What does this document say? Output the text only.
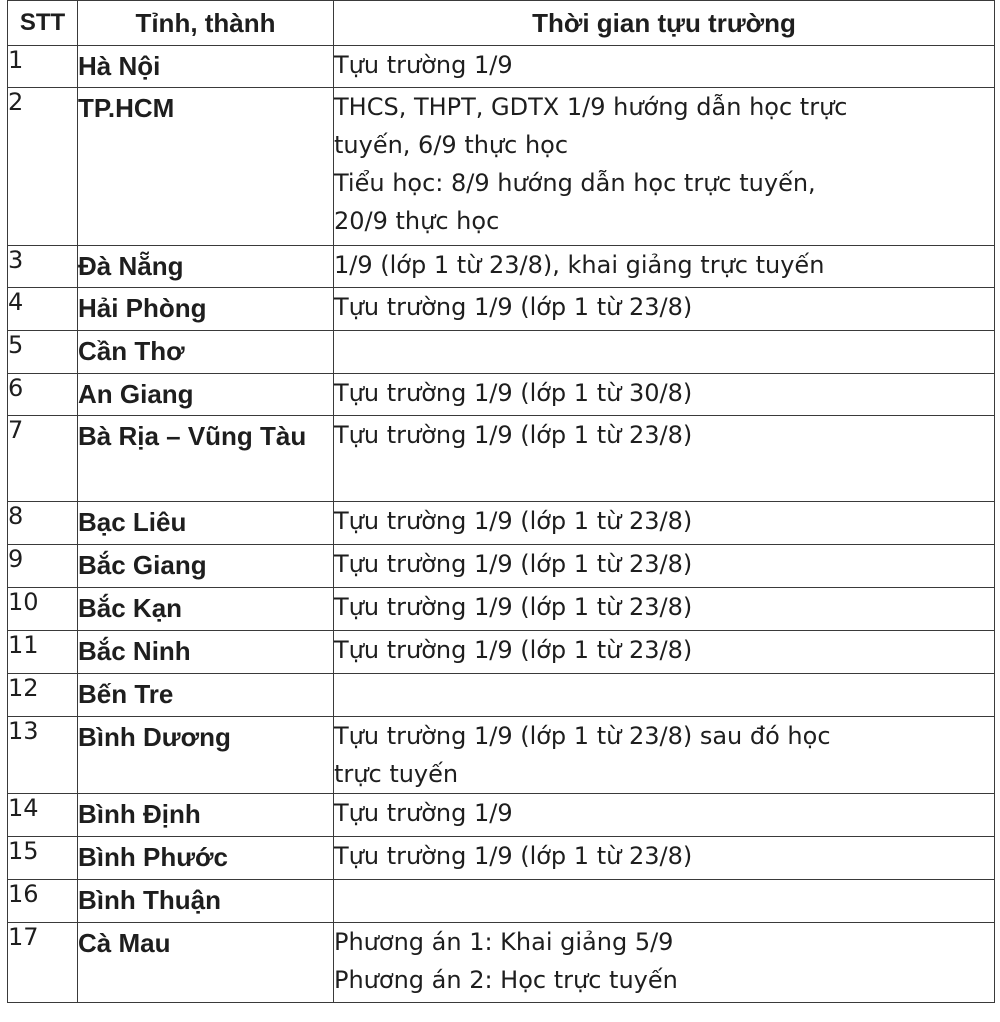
STT	Tỉnh, thành	Thời gian tựu trường
1	Hà Nội	Tựu trường 1/9

2	TP.HCM	THCS, THPT, GDTX 1/9 hướng dẫn học trực
tuyến, 6/9 thực học
Tiểu học: 8/9 hướng dẫn học trực tuyến,
20/9 thực học

3	Đà Nẵng	1/9 (lớp 1 từ 23/8), khai giảng trực tuyến

4	Hải Phòng	Tựu trường 1/9 (lớp 1 từ 23/8)

5	Cần Thơ	
6	An Giang	Tựu trường 1/9 (lớp 1 từ 30/8)

7	Bà Rịa – Vũng Tàu	Tựu trường 1/9 (lớp 1 từ 23/8)

8	Bạc Liêu	Tựu trường 1/9 (lớp 1 từ 23/8)

9	Bắc Giang	Tựu trường 1/9 (lớp 1 từ 23/8)

10	Bắc Kạn	Tựu trường 1/9 (lớp 1 từ 23/8)

11	Bắc Ninh	Tựu trường 1/9 (lớp 1 từ 23/8)

12	Bến Tre	
13	Bình Dương	Tựu trường 1/9 (lớp 1 từ 23/8) sau đó học
trực tuyến

14	Bình Định	Tựu trường 1/9

15	Bình Phước	Tựu trường 1/9 (lớp 1 từ 23/8)

16	Bình Thuận	
17	Cà Mau	Phương án 1: Khai giảng 5/9
Phương án 2: Học trực tuyến
